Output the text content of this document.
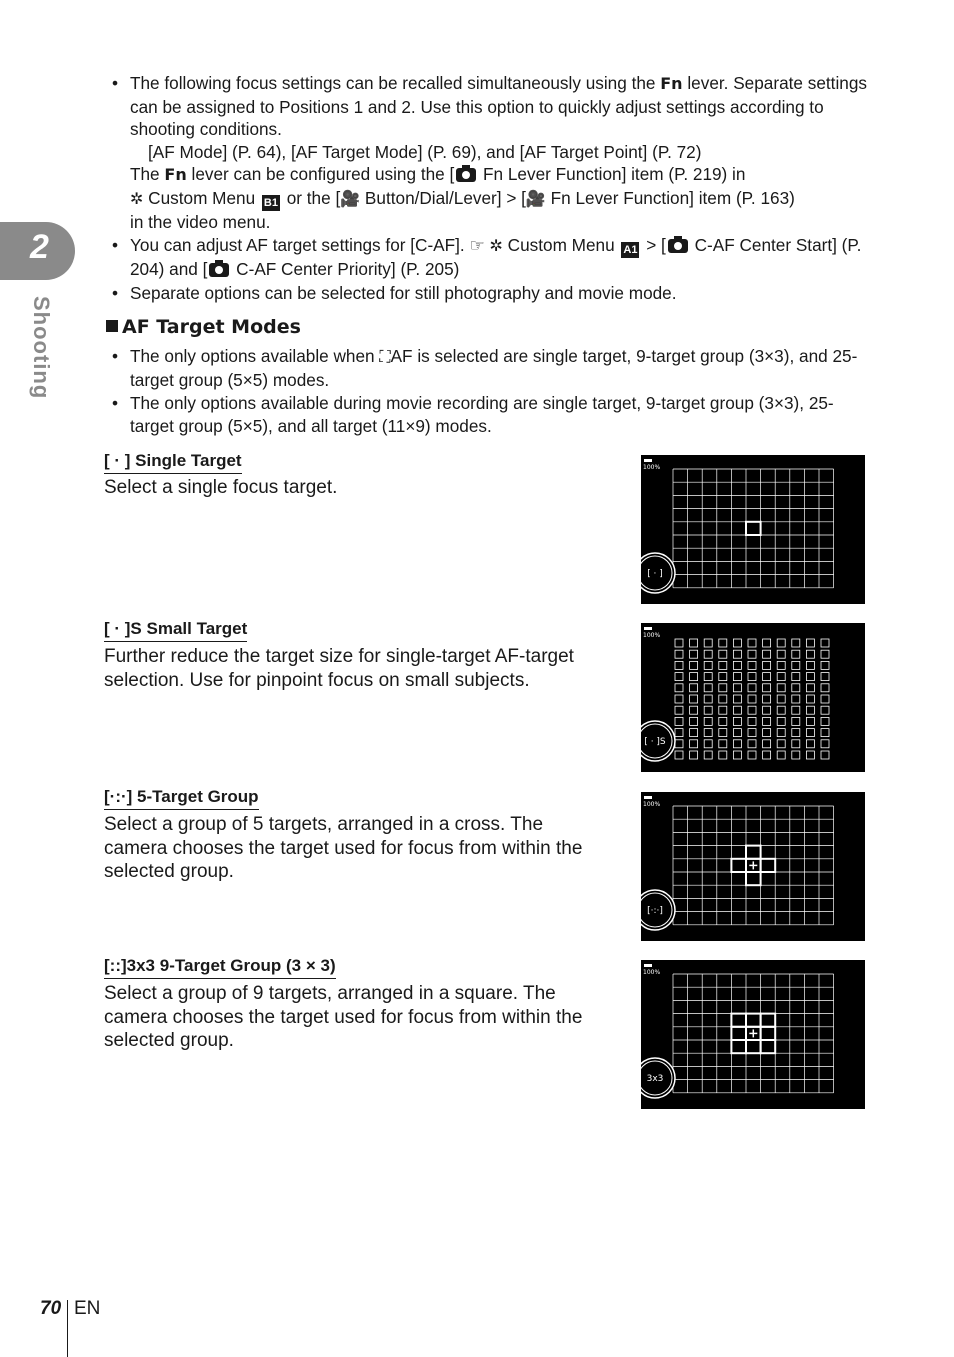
2
Shooting
• The following focus settings can be recalled simultaneously using the Fn lever. Separate settings can be assigned to Positions 1 and 2. Use this option to quickly adjust settings according to shooting conditions.
[AF Mode] (P. 64), [AF Target Mode] (P. 69), and [AF Target Point] (P. 72)
The Fn lever can be configured using the [ Fn Lever Function] item (P. 219) in
✲ Custom Menu B1 or the [🎥 Button/Dial/Lever] > [🎥 Fn Lever Function] item (P. 163)
in the video menu.
• You can adjust AF target settings for [C-AF]. ☞ ✲ Custom Menu A1 > [ C-AF Center Start] (P. 204) and [ C-AF Center Priority] (P. 205)
• Separate options can be selected for still photography and movie mode.
AF Target Modes
• The only options available when ⛶AF is selected are single target, 9-target group (3×3), and 25-target group (5×5) modes.
• The only options available during movie recording are single target, 9-target group (3×3), 25-target group (5×5), and all target (11×9) modes.
[ · ] Single Target
Select a single focus target.
100%
[ · ]
[ · ]S Small Target
Further reduce the target size for single-target AF-target selection. Use for pinpoint focus on small subjects.
100%
[ · ]S
[·:·] 5-Target Group
Select a group of 5 targets, arranged in a cross. The camera chooses the target used for focus from within the selected group.
100%
[·:·]
[::]3x3 9-Target Group (3 × 3)
Select a group of 9 targets, arranged in a square. The camera chooses the target used for focus from within the selected group.
100%
3x3
70 EN
